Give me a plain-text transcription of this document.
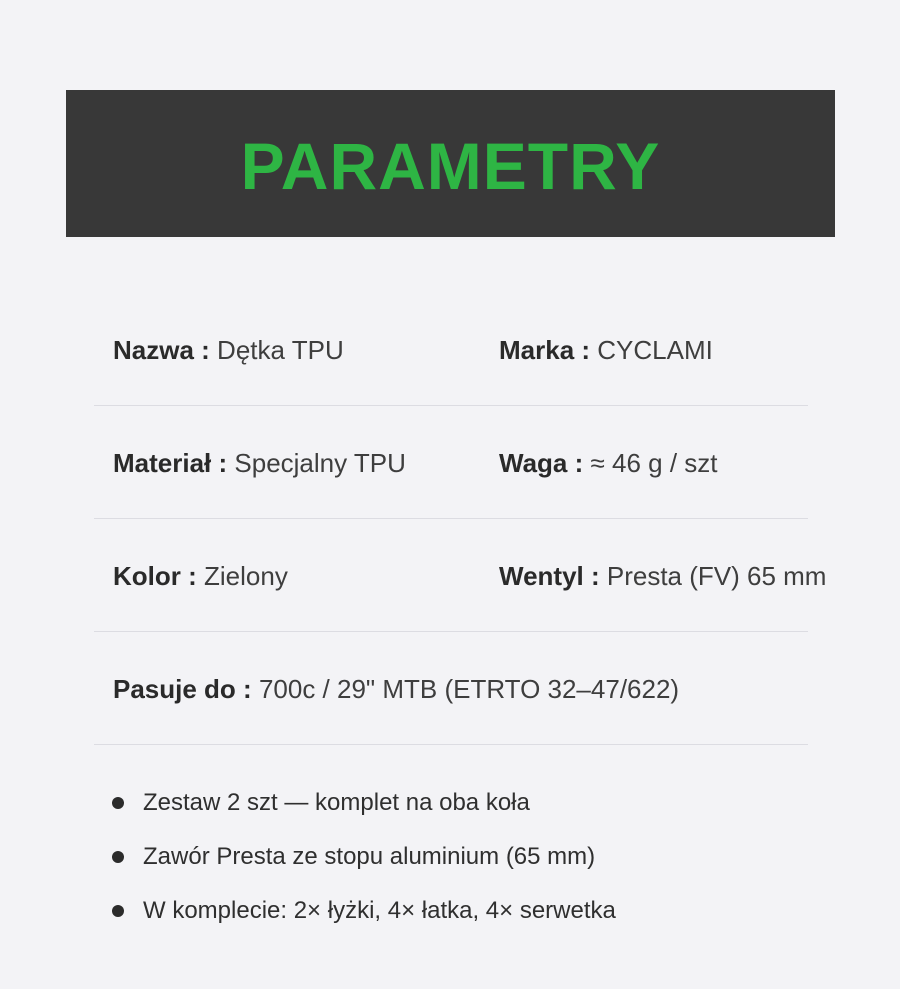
PARAMETRY
Nazwa : Dętka TPU	Marka : CYCLAMI
Materiał : Specjalny TPU	Waga : ≈ 46 g / szt
Kolor : Zielony	Wentyl : Presta (FV) 65 mm
Pasuje do : 700c / 29" MTB (ETRTO 32–47/622)
Zestaw 2 szt — komplet na oba koła
Zawór Presta ze stopu aluminium (65 mm)
W komplecie: 2× łyżki, 4× łatka, 4× serwetka
